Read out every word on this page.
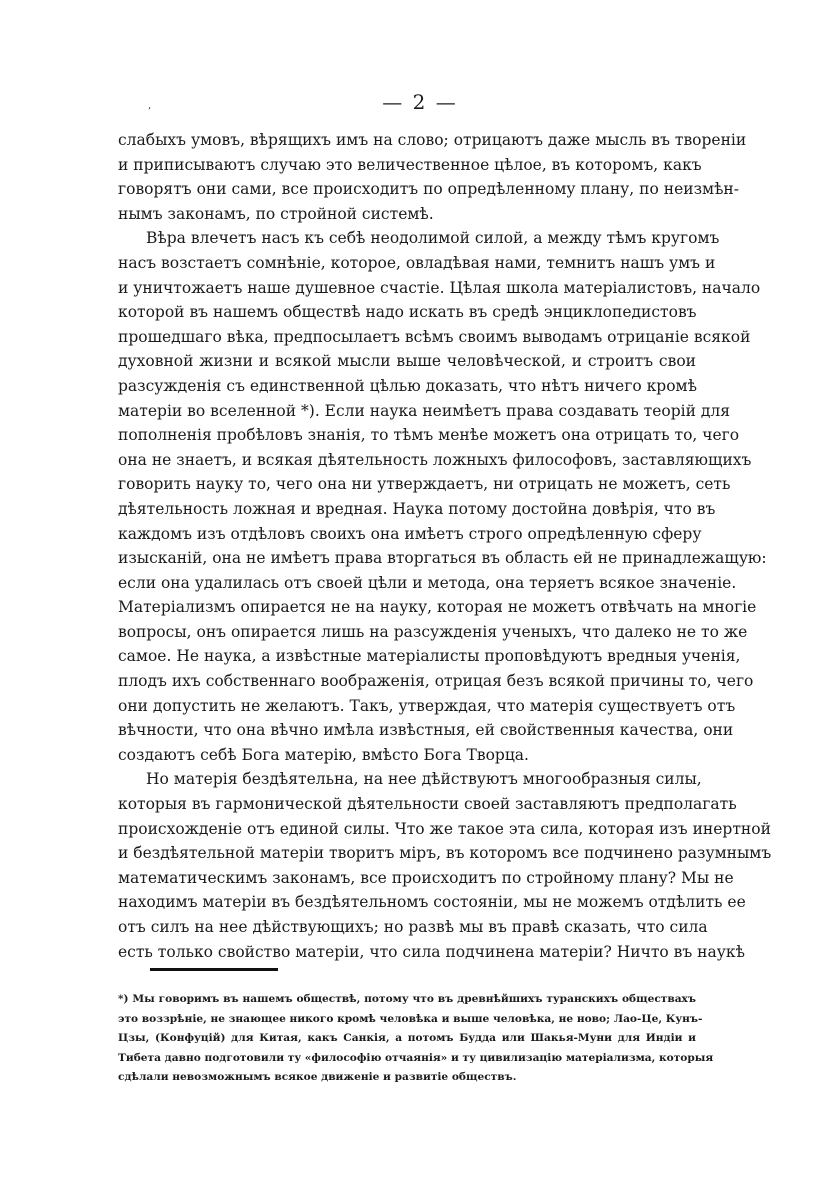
‚	— 2 —
слабыхъ умовъ, вѣрящихъ имъ на слово; отрицаютъ даже мысль въ творенiи
и приписываютъ случаю это величественное цѣлое, въ которомъ, какъ
говорятъ они сами, все происходитъ по опредѣленному плану, по неизмѣн-
нымъ законамъ, по стройной системѣ.
Вѣра влечетъ насъ къ себѣ неодолимой силой, а между тѣмъ кругомъ
насъ возстаетъ сомнѣнiе, которое, овладѣвая нами, темнитъ нашъ умъ и
и уничтожаетъ наше душевное счастiе. Цѣлая школа матерiалистовъ, начало
которой въ нашемъ обществѣ надо искать въ средѣ энциклопедистовъ
прошедшаго вѣка, предпосылаетъ всѣмъ своимъ выводамъ отрицанiе всякой
духовной жизни и всякой мысли выше человѣческой, и строитъ свои
разсужденiя съ единственной цѣлью доказать, что нѣтъ ничего кромѣ
матерiи во вселенной *). Если наука неимѣетъ права создавать теорiй для
пополненiя пробѣловъ знанiя, то тѣмъ менѣе можетъ она отрицать то, чего
она не знаетъ, и всякая дѣятельность ложныхъ философовъ, заставляющихъ
говорить науку то, чего она ни утверждаетъ, ни отрицать не можетъ, сеть
дѣятельность ложная и вредная. Наука потому достойна довѣрiя, что въ
каждомъ изъ отдѣловъ своихъ она имѣетъ строго опредѣленную сферу
изысканiй, она не имѣетъ права вторгаться въ область ей не принадлежащую:
если она удалилась отъ своей цѣли и метода, она теряетъ всякое значенiе.
Матерiализмъ опирается не на науку, которая не можетъ отвѣчать на многiе
вопросы, онъ опирается лишь на разсужденiя ученыхъ, что далеко не то же
самое. Не наука, а извѣстные матерiалисты проповѣдуютъ вредныя ученiя,
плодъ ихъ собственнаго воображенiя, отрицая безъ всякой причины то, чего
они допустить не желаютъ. Такъ, утверждая, что матерiя существуетъ отъ
вѣчности, что она вѣчно имѣла извѣстныя, ей свойственныя качества, они
создаютъ себѣ Бога матерiю, вмѣсто Бога Творца.
Но матерiя бездѣятельна, на нее дѣйствуютъ многообразныя силы,
которыя въ гармонической дѣятельности своей заставляютъ предполагать
происхожденiе отъ единой силы. Что же такое эта сила, которая изъ инертной
и бездѣятельной матерiи творитъ мiръ, въ которомъ все подчинено разумнымъ
математическимъ законамъ, все происходитъ по стройному плану? Мы не
находимъ матерiи въ бездѣятельномъ состоянiи, мы не можемъ отдѣлить ее
отъ силъ на нее дѣйствующихъ; но развѣ мы въ правѣ сказать, что сила
есть только свойство матерiи, что сила подчинена матерiи? Ничто въ наукѣ
*) Мы говоримъ въ нашемъ обществѣ, потому что въ древнѣйшихъ туранскихъ обществахъ
это воззрѣнiе, не знающее никого кромѣ человѣка и выше человѣка, не ново; Лао-Це, Кунъ-
Цзы, (Конфуцiй) для Китая, какъ Санкiя, а потомъ Будда или Шакья-Муни для Индiи и
Тибета давно подготовили ту «философiю отчаянiя» и ту цивилизацiю матерiализма, которыя
сдѣлали невозможнымъ всякое движенiе и развитiе обществъ.
